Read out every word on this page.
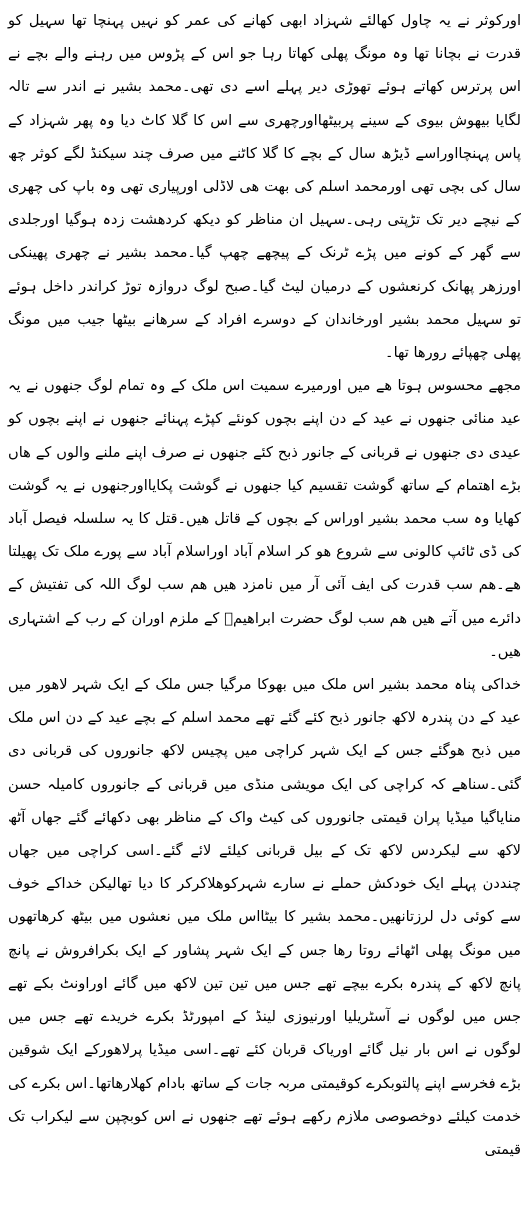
اورکوثر نے یہ چاول کھالئے شہزاد ابھی کھانے کی عمر کو نہیں پہنچا تھا سہیل کو قدرت نے بچانا تھا وہ مونگ پھلی کھاتا رہا جو اس کے پڑوس میں رہنے والے بچے نے اس پرترس کھاتے ہوئے تھوڑی دیر پہلے اسے دی تھی۔محمد بشیر نے اندر سے تالہ لگایا بیھوش بیوی کے سینے پربیٹھااورچھری سے اس کا گلا کاٹ دیا وہ پھر شہزاد کے پاس پہنچااوراسے ڈیڑھ سال کے بچے کا گلا کاٹنے میں صرف چند سیکنڈ لگے کوثر چھ سال کی بچی تھی اورمحمد اسلم کی بھت ھی لاڈلی اورپیاری تھی وہ باپ کی چھری کے نیچے دیر تک تڑپتی رہی۔سہیل ان مناظر کو دیکھ کردھشت زدہ ہوگیا اورجلدی سے گھر کے کونے میں پڑے ٹرنک کے پیچھے چھپ گیا۔محمد بشیر نے چھری پھینکی اورزھر پھانک کرنعشوں کے درمیان لیٹ گیا۔صبح لوگ دروازہ توڑ کراندر داخل ہوئے تو سہیل محمد بشیر اورخاندان کے دوسرے افراد کے سرھانے بیٹھا جیب میں مونگ پھلی چھپائے رورھا تھا۔

مجھے محسوس ہوتا ھے میں اورمیرے سمیت اس ملک کے وہ تمام لوگ جنھوں نے یہ عید منائی جنھوں نے عید کے دن اپنے بچوں کونئے کپڑے پہنائے جنھوں نے اپنے بچوں کو عیدی دی جنھوں نے قربانی کے جانور ذبح کئے جنھوں نے صرف اپنے ملنے والوں کے ھاں بڑے اھتمام کے ساتھ گوشت تقسیم کیا جنھوں نے گوشت پکایااورجنھوں نے یہ گوشت کھایا وہ سب محمد بشیر اوراس کے بچوں کے قاتل ھیں۔قتل کا یہ سلسلہ فیصل آباد کی ڈی ٹائپ کالونی سے شروع ھو کر اسلام آباد اوراسلام آباد سے پورے ملک تک پھیلتا ھے۔ھم سب قدرت کی ایف آئی آر میں نامزد ھیں ھم سب لوگ اللہ کی تفتیش کے دائرے میں آتے ھیں ھم سب لوگ حضرت ابراھیمؑ کے ملزم اوران کے رب کے اشتہاری ھیں۔

خداکی پناہ محمد بشیر اس ملک میں بھوکا مرگیا جس ملک کے ایک شہر لاھور میں عید کے دن پندرہ لاکھ جانور ذبح کئے گئے تھے محمد اسلم کے بچے عید کے دن اس ملک میں ذبح ھوگئے جس کے ایک شہر کراچی میں پچیس لاکھ جانوروں کی قربانی دی گئی۔سناھے کہ کراچی کی ایک مویشی منڈی میں قربانی کے جانوروں کامیلہ حسن منایاگیا میڈیا پران قیمتی جانوروں کی کیٹ واک کے مناظر بھی دکھائے گئے جھاں آٹھ لاکھ سے لیکردس لاکھ تک کے بیل قربانی کیلئے لائے گئے۔اسی کراچی میں جھاں چنددن پہلے ایک خودکش حملے نے سارے شہرکوھلاکرکر کا دیا تھالیکن خداکے خوف سے کوئی دل لرزتانھیں۔محمد بشیر کا بیٹااس ملک میں نعشوں میں بیٹھ کرھاتھوں میں مونگ پھلی اٹھائے روتا رھا جس کے ایک شہر پشاور کے ایک بکرافروش نے پانچ پانچ لاکھ کے پندرہ بکرے بیچے تھے جس میں تین تین لاکھ میں گائے اوراونٹ بکے تھے جس میں لوگوں نے آسٹریلیا اورنیوزی لینڈ کے امپورٹڈ بکرے خریدے تھے جس میں لوگوں نے اس بار نیل گائے اوریاک قربان کئے تھے۔اسی میڈیا پرلاھورکے ایک شوقین بڑے فخرسے اپنے پالتوبکرے کوقیمتی مربہ جات کے ساتھ بادام کھلارھاتھا۔اس بکرے کی خدمت کیلئے دوخصوصی ملازم رکھے ہوئے تھے جنھوں نے اس کوبچپن سے لیکراب تک قیمتی
